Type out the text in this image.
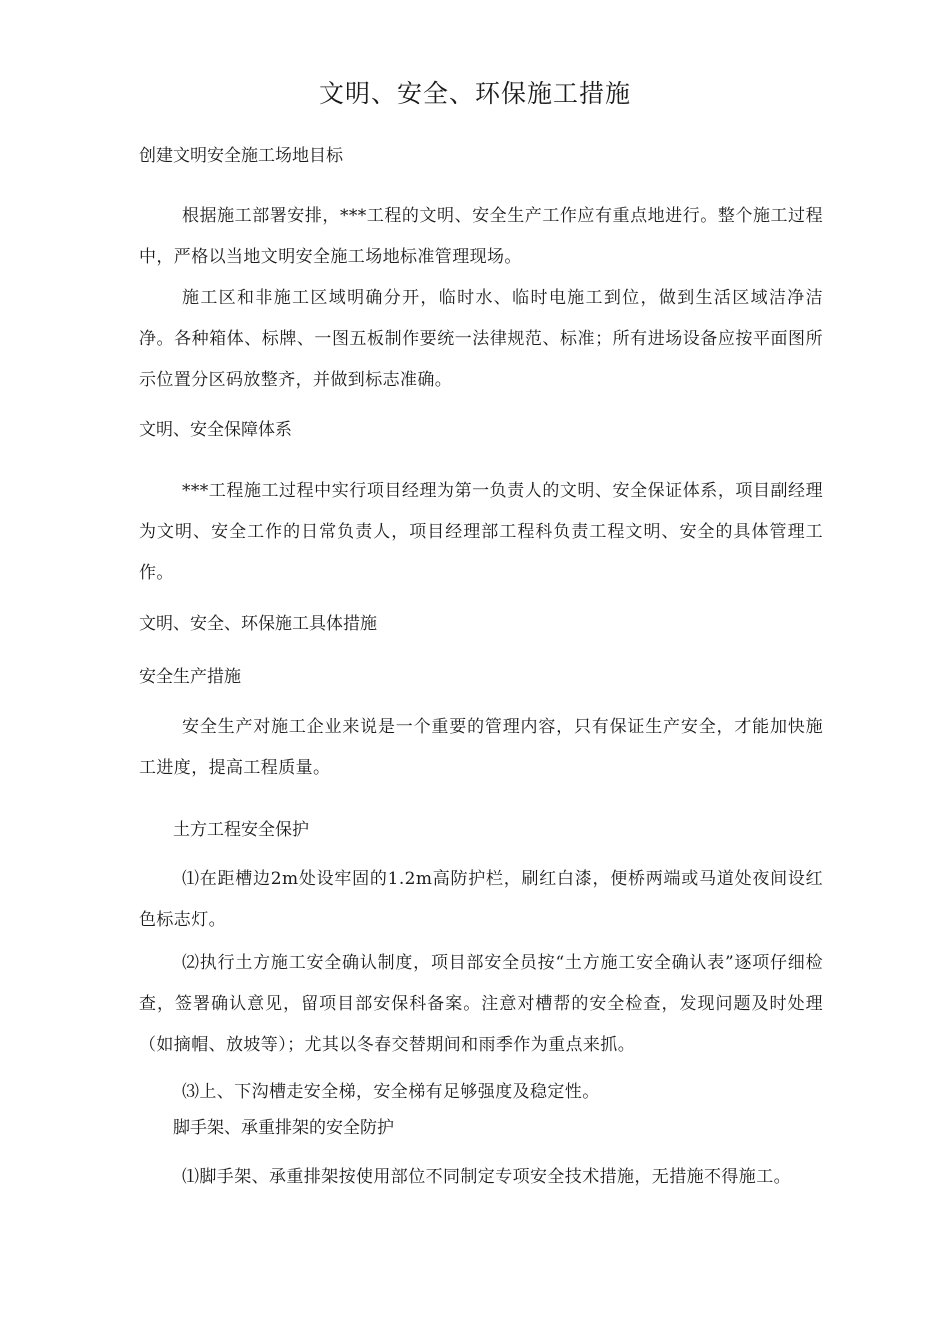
文明、安全、环保施工措施
创建文明安全施工场地目标
根据施工部署安排，***工程的文明、安全生产工作应有重点地进行。整个施工过程中，严格以当地文明安全施工场地标准管理现场。
施工区和非施工区域明确分开，临时水、临时电施工到位，做到生活区域洁净洁净。各种箱体、标牌、一图五板制作要统一法律规范、标准；所有进场设备应按平面图所示位置分区码放整齐，并做到标志准确。
文明、安全保障体系
***工程施工过程中实行项目经理为第一负责人的文明、安全保证体系，项目副经理为文明、安全工作的日常负责人，项目经理部工程科负责工程文明、安全的具体管理工作。
文明、安全、环保施工具体措施
安全生产措施
安全生产对施工企业来说是一个重要的管理内容，只有保证生产安全，才能加快施工进度，提高工程质量。
土方工程安全保护
⑴在距槽边2m处设牢固的1.2m高防护栏，刷红白漆，便桥两端或马道处夜间设红色标志灯。
⑵执行土方施工安全确认制度，项目部安全员按“土方施工安全确认表”逐项仔细检查，签署确认意见，留项目部安保科备案。注意对槽帮的安全检查，发现问题及时处理（如摘帽、放坡等）；尤其以冬春交替期间和雨季作为重点来抓。
⑶上、下沟槽走安全梯，安全梯有足够强度及稳定性。
脚手架、承重排架的安全防护
⑴脚手架、承重排架按使用部位不同制定专项安全技术措施，无措施不得施工。
